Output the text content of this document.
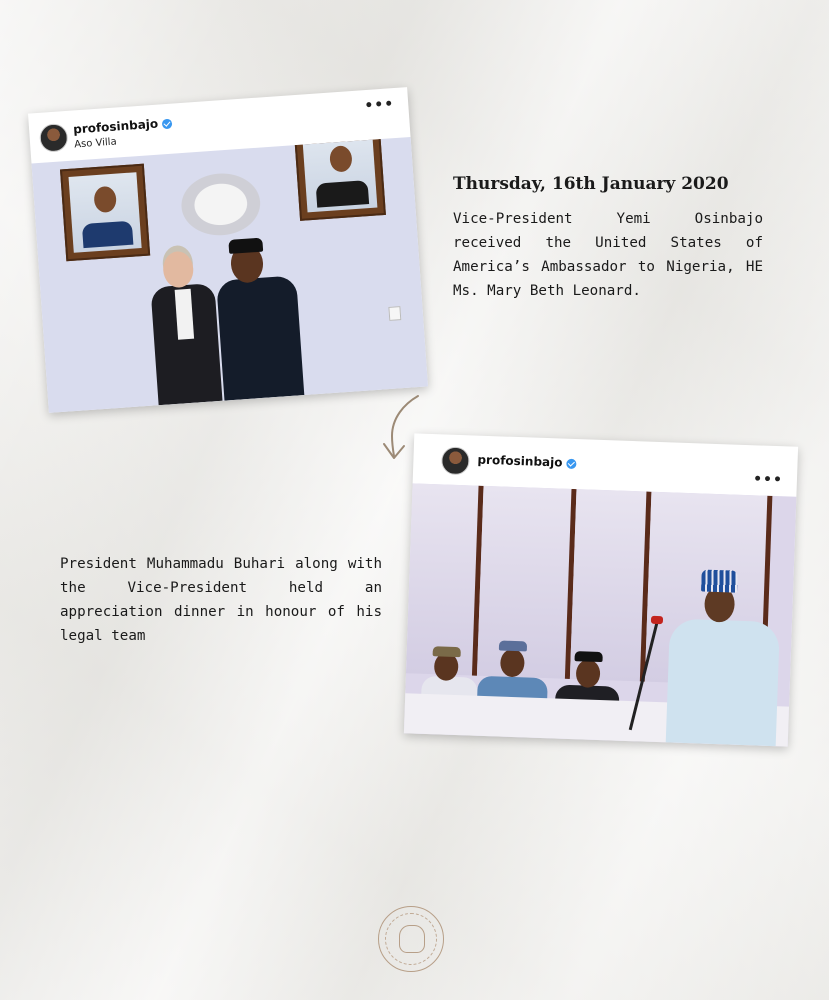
profosinbajo
Aso Villa
•••
Thursday, 16th January 2020
Vice-President Yemi Osinbajo received the United States of America’s Ambassador to Nigeria, HE Ms. Mary Beth Leonard.
President Muhammadu Buhari along with the Vice-President held an appreciation dinner in honour of his legal team
profosinbajo
•••
